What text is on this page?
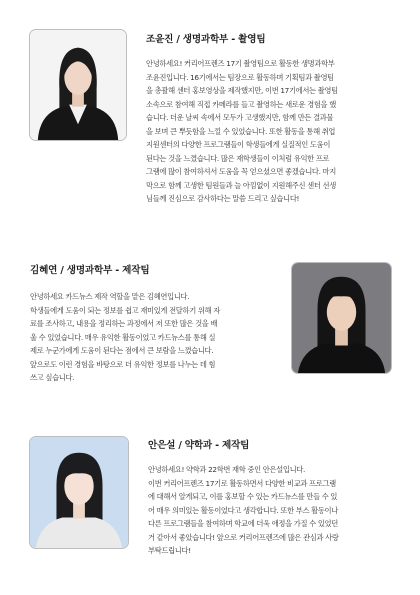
조윤진 / 생명과학부 - 촬영팀
안녕하세요! 커리어프렌즈 17기 촬영팀으로 활동한 생명과학부
조윤진입니다. 16기에서는 팀장으로 활동하며 기획팀과 촬영팀
을 총괄해 센터 홍보영상을 제작했지만, 이번 17기에서는 촬영팀
소속으로 참여해 직접 카메라를 들고 촬영하는 새로운 경험을 했
습니다. 더운 날씨 속에서 모두가 고생했지만, 함께 만든 결과물
을 보며 큰 뿌듯함을 느낄 수 있었습니다. 또한 활동을 통해 취업
지원센터의 다양한 프로그램들이 학생들에게 실질적인 도움이
된다는 것을 느꼈습니다. 많은 재학생들이 이처럼 유익한 프로
그램에 많이 참여하셔서 도움을 꼭 얻으셨으면 좋겠습니다. 마지
막으로 함께 고생한 팀원들과 늘 아낌없이 지원해주신 센터 선생
님들께 진심으로 감사하다는 말씀 드리고 싶습니다!
김혜연 / 생명과학부 - 제작팀
안녕하세요 카드뉴스 제작 역할을 맡은 김혜연입니다.
학생들에게 도움이 되는 정보를 쉽고 재미있게 전달하기 위해 자
료를 조사하고, 내용을 정리하는 과정에서 저 또한 많은 것을 배
울 수 있었습니다. 매우 유익한 활동이었고 카드뉴스를 통해 실
제로 누군가에게 도움이 된다는 점에서 큰 보람을 느꼈습니다.
앞으로도 이런 경험을 바탕으로 더 유익한 정보를 나누는 데 힘
쓰고 싶습니다.
안은설 / 약학과 - 제작팀
안녕하세요! 약학과 22학번 재학 중인 안은설입니다.
이번 커리어프렌즈 17기로 활동하면서 다양한 비교과 프로그램
에 대해서 알게되고, 이를 홍보할 수 있는 카드뉴스를 만들 수 있
어 매우 의미있는 활동이었다고 생각합니다. 또한 부스 활동이나
다른 프로그램들을 참여하며 학교에 더욱 애정을 가질 수 있었던
거 같아서 좋았습니다! 앞으로 커리어프렌즈에 많은 관심과 사랑
부탁드립니다!
